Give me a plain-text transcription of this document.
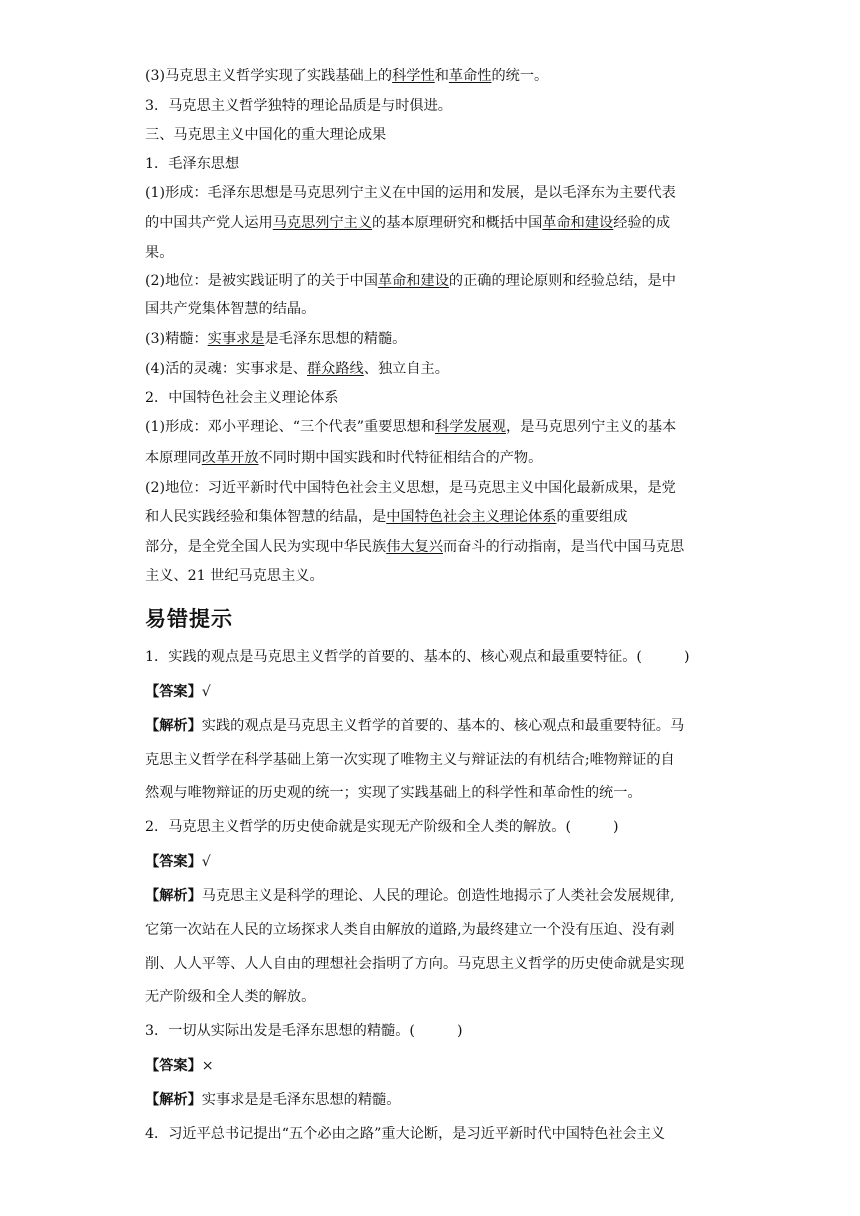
(3)马克思主义哲学实现了实践基础上的科学性和革命性的统一。
3．马克思主义哲学独特的理论品质是与时俱进。
三、马克思主义中国化的重大理论成果
1．毛泽东思想
(1)形成：毛泽东思想是马克思列宁主义在中国的运用和发展，是以毛泽东为主要代表
的中国共产党人运用马克思列宁主义的基本原理研究和概括中国革命和建设经验的成
果。
(2)地位：是被实践证明了的关于中国革命和建设的正确的理论原则和经验总结，是中
国共产党集体智慧的结晶。
(3)精髓：实事求是是毛泽东思想的精髓。
(4)活的灵魂：实事求是、群众路线、独立自主。
2．中国特色社会主义理论体系
(1)形成：邓小平理论、“三个代表”重要思想和科学发展观，是马克思列宁主义的基本
本原理同改革开放不同时期中国实践和时代特征相结合的产物。
(2)地位：习近平新时代中国特色社会主义思想，是马克思主义中国化最新成果，是党
和人民实践经验和集体智慧的结晶，是中国特色社会主义理论体系的重要组成
部分，是全党全国人民为实现中华民族伟大复兴而奋斗的行动指南，是当代中国马克思
主义、21 世纪马克思主义。
易错提示
1．实践的观点是马克思主义哲学的首要的、基本的、核心观点和最重要特征。(	)
【答案】√
【解析】实践的观点是马克思主义哲学的首要的、基本的、核心观点和最重要特征。马
克思主义哲学在科学基础上第一次实现了唯物主义与辩证法的有机结合;唯物辩证的自
然观与唯物辩证的历史观的统一；实现了实践基础上的科学性和革命性的统一。
2．马克思主义哲学的历史使命就是实现无产阶级和全人类的解放。(	)
【答案】√
【解析】马克思主义是科学的理论、人民的理论。创造性地揭示了人类社会发展规律,
它第一次站在人民的立场探求人类自由解放的道路,为最终建立一个没有压迫、没有剥
削、人人平等、人人自由的理想社会指明了方向。马克思主义哲学的历史使命就是实现
无产阶级和全人类的解放。
3．一切从实际出发是毛泽东思想的精髓。(	)
【答案】×
【解析】实事求是是毛泽东思想的精髓。
4．习近平总书记提出“五个必由之路”重大论断，是习近平新时代中国特色社会主义
